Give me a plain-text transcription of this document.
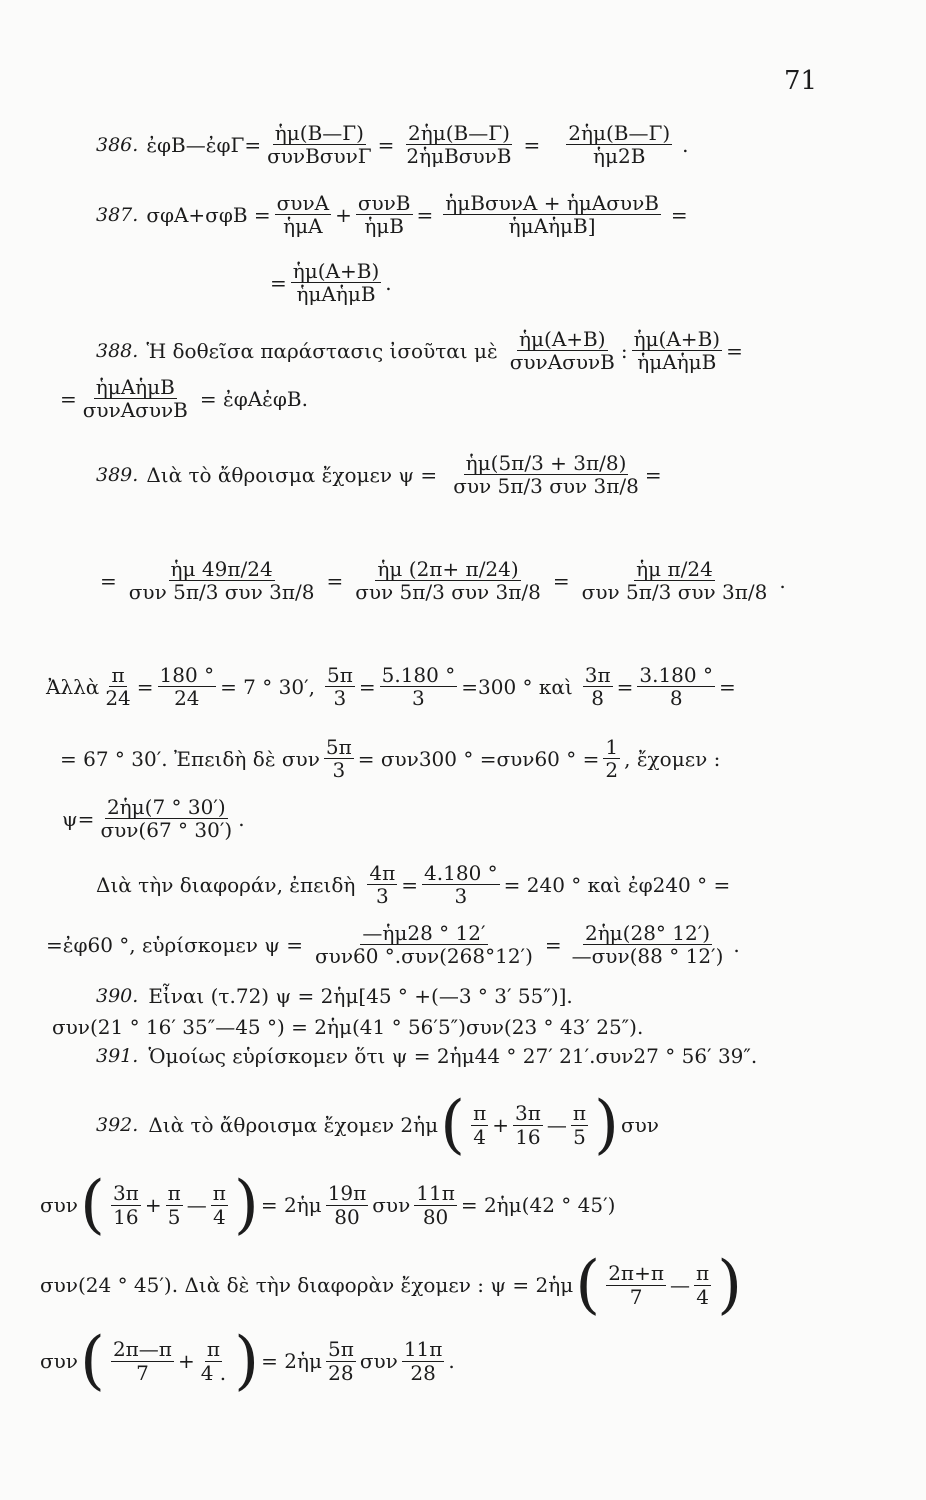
71
386. ἐφΒ—ἐφΓ= $\frac{\text{ἡμ(Β—Γ)}}{\text{συνΒσυνΓ}} = \frac{\text{2ἡμ(Β—Γ)}}{\text{2ἡμΒσυνΒ}} = \frac{\text{2ἡμ(Β—Γ)}}{\text{ἡμ2Β}}$ .
387. $\sigma\varphi A+\sigma\varphi B = \frac{\text{συνΑ}}{\text{ἡμΑ}} + \frac{\text{συνΒ}}{\text{ἡμΒ}} = \frac{\text{ἡμΒσυνΑ + ἡμΑσυνΒ}}{\text{ἡμΑἡμΒ]}}$ =
= $\frac{\text{ἡμ(Α+Β)}}{\text{ἡμΑἡμΒ}}$ .
388. Ἡ δοθεῖσα παράστασις ἰσοῦται μὲ $\frac{\text{ἡμ(Α+Β)}}{\text{συνΑσυνΒ}}$ : $\frac{\text{ἡμ(Α+Β)}}{\text{ἡμΑἡμΒ}}$ =
= $\frac{\text{ἡμΑἡμΒ}}{\text{συνΑσυνΒ}}$ = ἐφΑἐφΒ.
389. Διὰ τὸ ἄθροισμα ἔχομεν $\psi = \frac{\text{ἡμ(5π/3 + 3π/8)}}{\text{συν 5π/3 συν 3π/8}}$ =
= $\frac{\text{ἡμ 49π/24}}{\text{συν 5π/3 συν 3π/8}} = \frac{\text{ἡμ (2π+ π/24)}}{\text{συν 5π/3 συν 3π/8}} = \frac{\text{ἡμ π/24}}{\text{συν 5π/3 συν 3π/8}}$ .
Ἀλλὰ $\frac{\pi}{24} = \frac{180 ^\circ}{24} = 7$ ° 30′, $\frac{5\pi}{3} = \frac{5.180 ^\circ}{3} =300$ ° καὶ $\frac{3\pi}{8} = \frac{3.180 ^\circ}{8}$ =
= 67 ° 30′. Ἐπειδὴ δὲ συν $\frac{5\pi}{3} = \sigma\upsilon\nu 300$ ° =συν60 ° = $\frac{1}{2}$ , ἔχομεν :
$\psi= \frac{\text{2ἡμ(7 ° 30′)}}{\text{συν(67 ° 30′)}}$ .
Διὰ τὴν διαφοράν, ἐπειδὴ $\frac{4\pi}{3} = \frac{4.180 ^\circ}{3} = 240$ ° καὶ ἐφ240 ° =
=ἐφ60 °, εὑρίσκομεν $\psi = \frac{\text{—ἡμ28 ° 12′}}{\text{συν60 °.συν(268°12′)}} = \frac{\text{2ἡμ(28° 12′)}}{\text{—συν(88 ° 12′)}}$ .
390. Εἶναι (τ.72) ψ = 2ἡμ[45 ° +(—3 ° 3′ 55″)].
συν(21 ° 16′ 35″—45 °) = 2ἡμ(41 ° 56′5″)συν(23 ° 43′ 25″).
391. Ὁμοίως εὑρίσκομεν ὅτι ψ = 2ἡμ44 ° 27′ 21′.συν27 ° 56′ 39″.
392. Διὰ τὸ ἄθροισμα ἔχομεν 2ἡμ ( $\frac{\pi}{4} + \frac{3\pi}{16}$ — $\frac{\pi}{5}$ ) συν
συν ( $\frac{3\pi}{16} + \frac{\pi}{5}$ — $\frac{\pi}{4}$ ) = 2ἡμ $\frac{19\pi}{80}$ συν $\frac{11\pi}{80}$ = 2ἡμ(42 ° 45′)
συν(24 ° 45′). Διὰ δὲ τὴν διαφορὰν ἔχομεν : ψ = 2ἡμ ( $\frac{2\pi+\pi}{7}$ — $\frac{\pi}{4}$ )
συν ( $\frac{2\pi—\pi}{7} + \frac{\pi}{4 .}$ ) = 2ἡμ $\frac{5\pi}{28}$ συν $\frac{11\pi}{28}$ .
